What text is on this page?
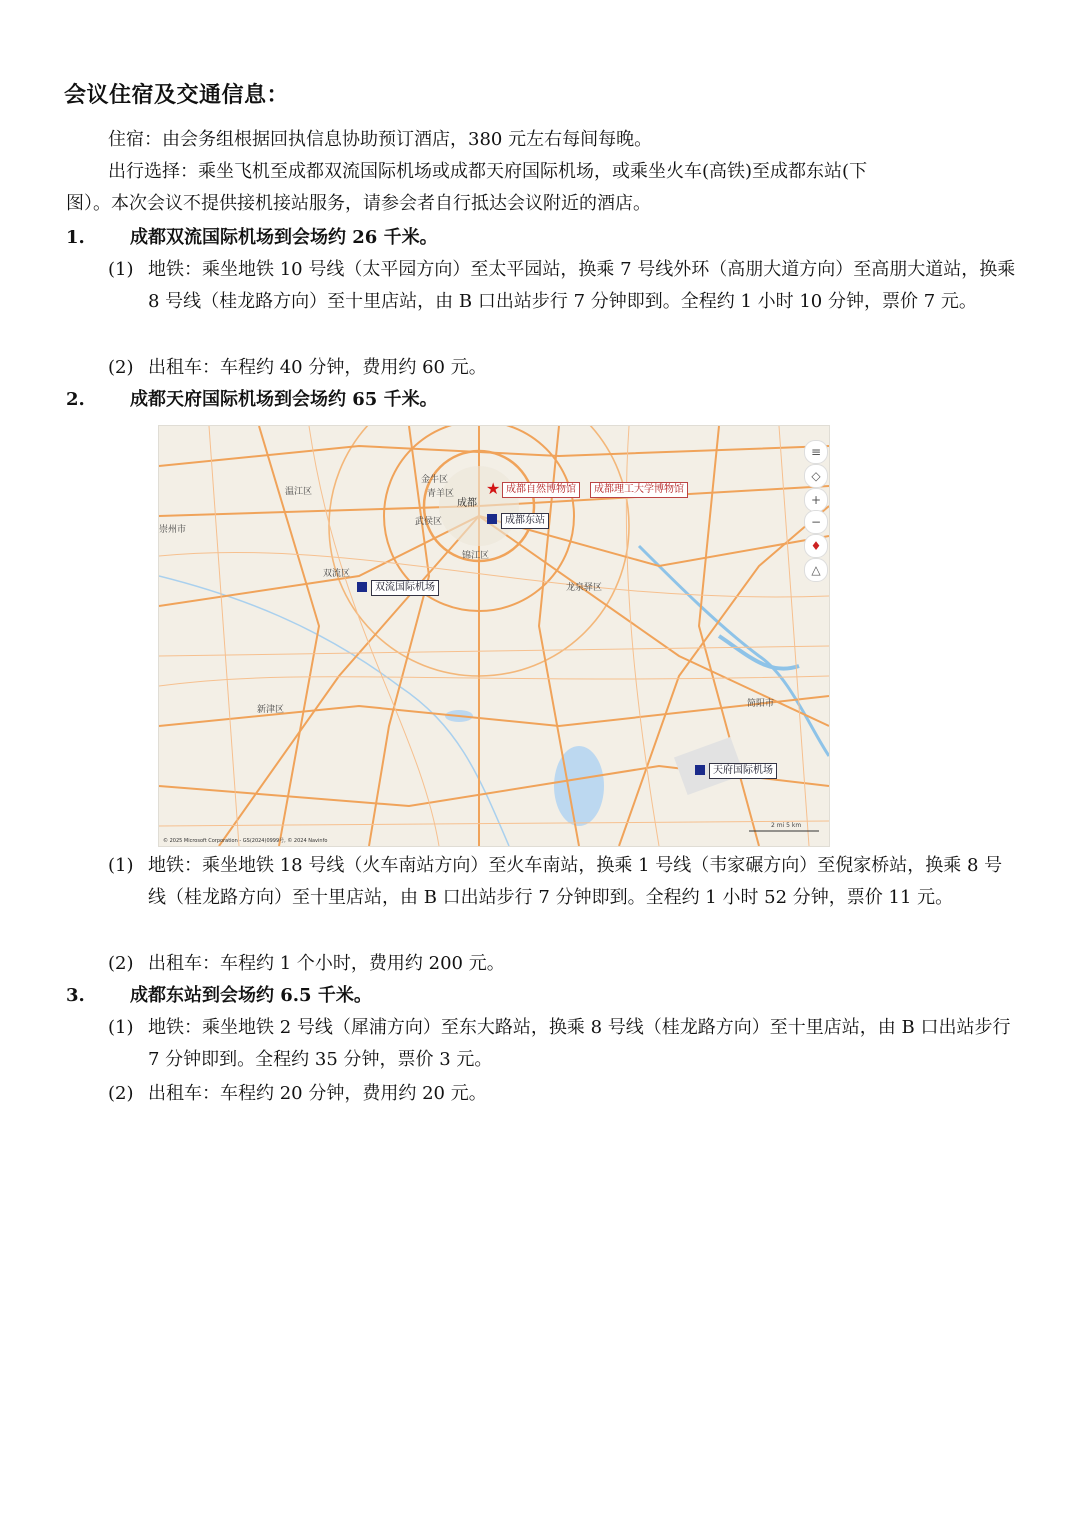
会议住宿及交通信息：
住宿：由会务组根据回执信息协助预订酒店，380 元左右每间每晚。
出行选择：乘坐飞机至成都双流国际机场或成都天府国际机场，或乘坐火车(高铁)至成都东站(下
图）。本次会议不提供接机接站服务，请参会者自行抵达会议附近的酒店。
1.	成都双流国际机场到会场约 26 千米。
(1) 地铁：乘坐地铁 10 号线（太平园方向）至太平园站，换乘 7 号线外环（高朋大道方向）至高朋大道站，换乘 8 号线（桂龙路方向）至十里店站，由 B 口出站步行 7 分钟即到。全程约 1 小时 10 分钟，票价 7 元。
(2) 出租车：车程约 40 分钟，费用约 60 元。
2.	成都天府国际机场到会场约 65 千米。
金牛区
青羊区
成都
武侯区
锦江区
双流区
龙泉驿区
新津区
简阳市
温江区
崇州市
★ 成都自然博物馆	成都理工大学博物馆
成都东站
双流国际机场
天府国际机场
© 2025 Microsoft Corporation - GS(2024)0999号, © 2024 Navinfo
2 mi 5 km
≡
◇
+
−
♦
△
(1) 地铁：乘坐地铁 18 号线（火车南站方向）至火车南站，换乘 1 号线（韦家碾方向）至倪家桥站，换乘 8 号线（桂龙路方向）至十里店站，由 B 口出站步行 7 分钟即到。全程约 1 小时 52 分钟，票价 11 元。
(2) 出租车：车程约 1 个小时，费用约 200 元。
3.	成都东站到会场约 6.5 千米。
(1) 地铁：乘坐地铁 2 号线（犀浦方向）至东大路站，换乘 8 号线（桂龙路方向）至十里店站，由 B 口出站步行 7 分钟即到。全程约 35 分钟，票价 3 元。
(2) 出租车：车程约 20 分钟，费用约 20 元。
